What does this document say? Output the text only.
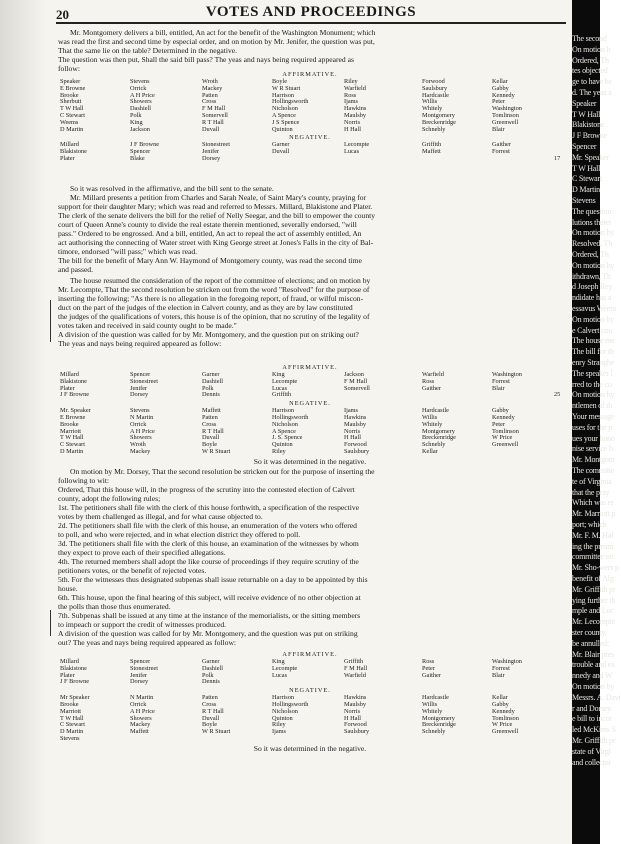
20	VOTES AND PROCEEDINGS
Mr. Montgomery delivers a bill, entitled, An act for the benefit of the Washington Monument; which
was read the first and second time by especial order, and on motion by Mr. Jenifer, the question was put,
That the same lie on the table? Determined in the negative.
The question was then put, Shall the said bill pass? The yeas and nays being required appeared as
follow:
So it was resolved in the affirmative, and the bill sent to the senate.
Mr. Millard presents a petition from Charles and Sarah Neale, of Saint Mary's county, praying for
support for their daughter Mary; which was read and referred to Messrs. Millard, Blakistone and Plater.
The clerk of the senate delivers the bill for the relief of Nelly Seegar, and the bill to empower the county
court of Queen Anne's county to divide the real estate therein mentioned, severally endorsed, "will
pass." Ordered to be engrossed. And a bill, entitled, An act to repeal the act of assembly entitled, An
act authorising the connecting of Water street with King George street at Jones's Falls in the city of Bal-
timore, endorsed "will pass;" which was read.
The bill for the benefit of Mary Ann W. Haymond of Montgomery county, was read the second time
and passed.
The house resumed the consideration of the report of the committee of elections; and on motion by
Mr. Lecompte, That the second resolution be stricken out from the word "Resolved" for the purpose of
inserting the following; "As there is no allegation in the foregoing report, of fraud, or wilful miscon-
duct on the part of the judges of the election in Calvert county, and as they are by law constituted
the judges of the qualifications of voters, this house is of the opinion, that no scrutiny of the legality of
votes taken and received in said county ought to be made."
A division of the question was called for by Mr. Montgomery, and the question put on striking out?
The yeas and nays being required appeared as follow:
On motion by Mr. Dorsey, That the second resolution be stricken out for the purpose of inserting the
following to wit:
Ordered, That this house will, in the progress of the scrutiny into the contested election of Calvert
county, adopt the following rules;
1st. The petitioners shall file with the clerk of this house forthwith, a specification of the respective
votes by them challenged as illegal, and for what cause objected to.
2d. The petitioners shall file with the clerk of this house, an enumeration of the voters who offered
to poll, and who were rejected, and in what election district they offered to poll.
3d. The petitioners shall file with the clerk of this house, an examination of the witnesses by whom
they expect to prove each of their specified allegations.
4th. The returned members shall adopt the like course of proceedings if they require scrutiny of the
petitioners votes, or the benefit of rejected votes.
5th. For the witnesses thus designated subpenas shall issue returnable on a day to be appointed by this
house.
6th. This house, upon the final hearing of this subject, will receive evidence of no other objection at
the polls than those thus enumerated.
7th. Subpenas shall be issued at any time at the instance of the memorialists, or the sitting members
to impeach or support the credit of witnesses produced.
A division of the question was called for by Mr. Montgomery, and the question was put on striking
out? The yeas and nays being required appeared as follow:
AFFIRMATIVE.
Speaker
E Browne
Brooke
Sherbutt
T W Hall
C Stewart
Weems
D Martin
Stevens
Orrick
A H Price
Showers
Dashiell
Polk
King
Jackson
Wroth
Mackey
Patten
Cross
F M Hall
Somervell
R T Hall
Duvall
Boyle
W R Stuart
Harrison
Hollingsworth
Nicholson
A Spence
J S Spence
Quinton
Riley
Warfield
Ross
Ijams
Hawkins
Maulsby
Norris
H Hall
Forwood
Saulsbury
Hardcastle
Willis
Whitely
Montgomery
Breckenridge
Schnebly
Kellar
Gabby
Kennedy
Peter
Washington
Tomlinson
Greenwell
Blair
NEGATIVE.
Millard
Blakistone
Plater
J F Browne
Spencer
Blake
Stonestreet
Jenifer
Dorsey
Garner
Duvall
Lecompte
Lucas
Griffith
Maffett
Gaither
Forrest
17
AFFIRMATIVE.
Millard
Blakistone
Plater
J F Browne
Spencer
Stonestreet
Jenifer
Dorsey
Garner
Dashiell
Polk
Dennis
King
Lecompte
Lucas
Griffith
Jackson
F M Hall
Somervell
Warfield
Ross
Gaither
Washington
Forrest
Blair
25
NEGATIVE.
Mr. Speaker
E Browne
Brooke
Marriott
T W Hall
C Stewart
D Martin
Stevens
N Martin
Orrick
A H Price
Showers
Wroth
Mackey
Maffett
Patten
Cross
R T Hall
Duvall
Boyle
W R Stuart
Harrison
Hollingsworth
Nicholson
A Spence
J. S. Spence
Quinton
Riley
Ijams
Hawkins
Maulsby
Norris
H Hall
Forwood
Saulsbury
Hardcastle
Willis
Whitely
Montgomery
Breckenridge
Schnebly
Kellar
Gabby
Kennedy
Peter
Tomlinson
W Price
Greenwell
So it was determined in the negative.
AFFIRMATIVE.
Millard
Blakistone
Plater
J F Browne
Spencer
Stonestreet
Jenifer
Dorsey
Garner
Dashiell
Polk
Dennis
King
Lecompte
Lucas
Griffith
F M Hall
Warfield
Ross
Peter
Gaither
Washington
Forrest
Blair
NEGATIVE.
Mr Speaker
Brooke
Marriott
T W Hall
C Stewart
D Martin
Stevens
N Martin
Orrick
A H Price
Showers
Mackey
Maffett
Patten
Cross
R T Hall
Duvall
Boyle
W R Stuart
Harrison
Hollingsworth
Nicholson
Quinton
Riley
Ijams
Hawkins
Maulsby
Norris
H Hall
Forwood
Saulsbury
Hardcastle
Willis
Whitely
Montgomery
Breckenridge
Schnebly
Kellar
Gabby
Kennedy
Tomlinson
W Price
Greenwell
So it was determined in the negative.
The second
On motion b
Ordered, Th
tes objected
ge to have be
d. The yeas a
Speaker
T W Hall
Blakistone
J F Browne
Spencer
Mr. Speaker
T W Hall
C Stewart
D Martin
Stevens
The question
lutions therei
On motion by
Resolved, Th
Ordered, Th
On motion by
ithdrawn, Th
d Joseph Rey
ndidate has a
essavus Weem
On motion by
e Calvert cou
The house me
The bill for th
enry Stranghe
The speaker l
rred to the co
On motion by
ntlemen of th
Your message
uses for the p
ues your hono
nise service b
Mr. Montgom
The committe
te of Virginia
that the pray
Which was re
Mr. Marriott p
port; which
Mr. F. M. Hal
ing the pream
committee on
Mr. Sho-wers p
benefit of Alg
Mr. Griffith pr
ying further th
mple and Luc
Mr. Lecompte
ster county,
be annulled;
Mr. Blair pres
trouble and ex
nnedy and W
On motion by
Messrs. A. Davi
r and Dorsey.
e bill to incor
led McKims S
Mr. Griffith pr
state of Virgi
and collector
